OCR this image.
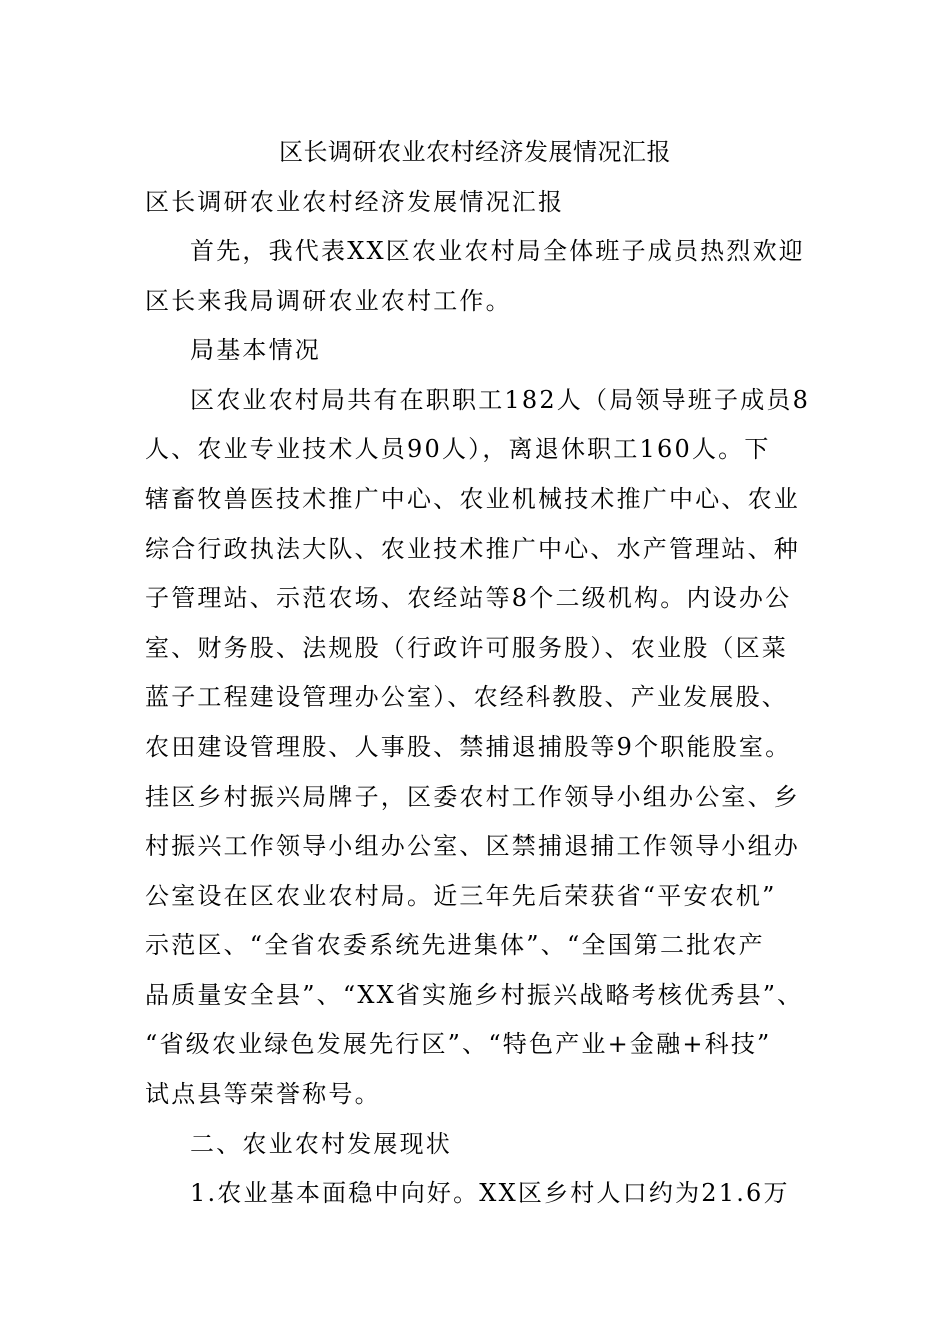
区长调研农业农村经济发展情况汇报

区长调研农业农村经济发展情况汇报

首先，我代表XX区农业农村局全体班子成员热烈欢迎

区长来我局调研农业农村工作。

局基本情况

区农业农村局共有在职职工182人（局领导班子成员8

人、农业专业技术人员90人），离退休职工160人。下

辖畜牧兽医技术推广中心、农业机械技术推广中心、农业

综合行政执法大队、农业技术推广中心、水产管理站、种

子管理站、示范农场、农经站等8个二级机构。内设办公

室、财务股、法规股（行政许可服务股）、农业股（区菜

蓝子工程建设管理办公室）、农经科教股、产业发展股、

农田建设管理股、人事股、禁捕退捕股等9个职能股室。

挂区乡村振兴局牌子，区委农村工作领导小组办公室、乡

村振兴工作领导小组办公室、区禁捕退捕工作领导小组办

公室设在区农业农村局。近三年先后荣获省“平安农机”

示范区、“全省农委系统先进集体”、“全国第二批农产

品质量安全县”、“XX省实施乡村振兴战略考核优秀县”、

“省级农业绿色发展先行区”、“特色产业+金融+科技”

试点县等荣誉称号。

二、农业农村发展现状

1.农业基本面稳中向好。XX区乡村人口约为21.6万
